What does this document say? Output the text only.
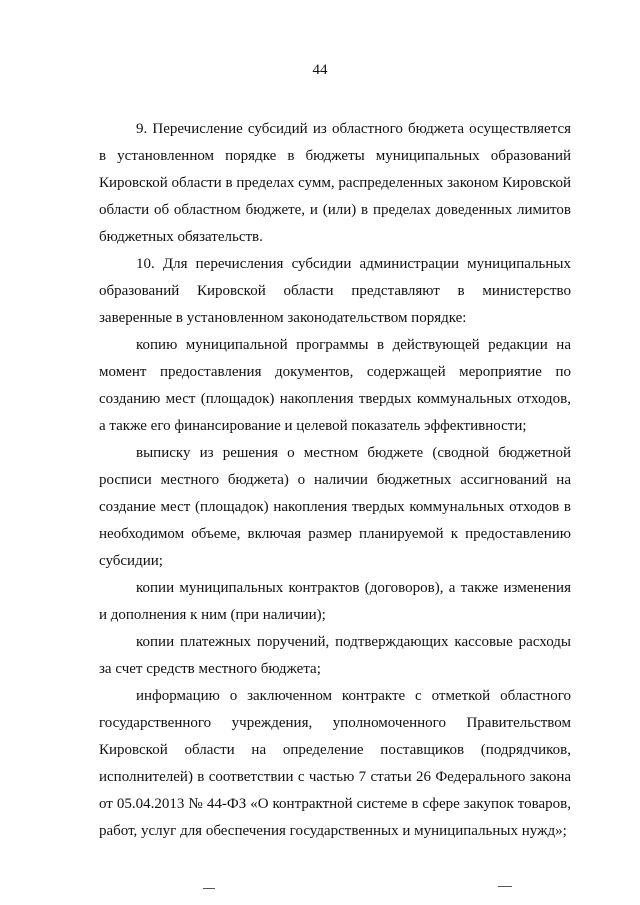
44

9. Перечисление субсидий из областного бюджета осуществляется в установленном порядке в бюджеты муниципальных образований Кировской области в пределах сумм, распределенных законом Кировской области об областном бюджете, и (или) в пределах доведенных лимитов бюджетных обязательств.

10. Для перечисления субсидии администрации муниципальных образований Кировской области представляют в министерство заверенные в установленном законодательством порядке:

копию муниципальной программы в действующей редакции на момент предоставления документов, содержащей мероприятие по созданию мест (площадок) накопления твердых коммунальных отходов, а также его финансирование и целевой показатель эффективности;

выписку из решения о местном бюджете (сводной бюджетной росписи местного бюджета) о наличии бюджетных ассигнований на создание мест (площадок) накопления твердых коммунальных отходов в необходимом объеме, включая размер планируемой к предоставлению субсидии;

копии муниципальных контрактов (договоров), а также изменения и дополнения к ним (при наличии);

копии платежных поручений, подтверждающих кассовые расходы за счет средств местного бюджета;

информацию о заключенном контракте с отметкой областного государственного учреждения, уполномоченного Правительством Кировской области на определение поставщиков (подрядчиков, исполнителей) в соответствии с частью 7 статьи 26 Федерального закона от 05.04.2013 № 44-ФЗ «О контрактной системе в сфере закупок товаров, работ, услуг для обеспечения государственных и муниципальных нужд»;
